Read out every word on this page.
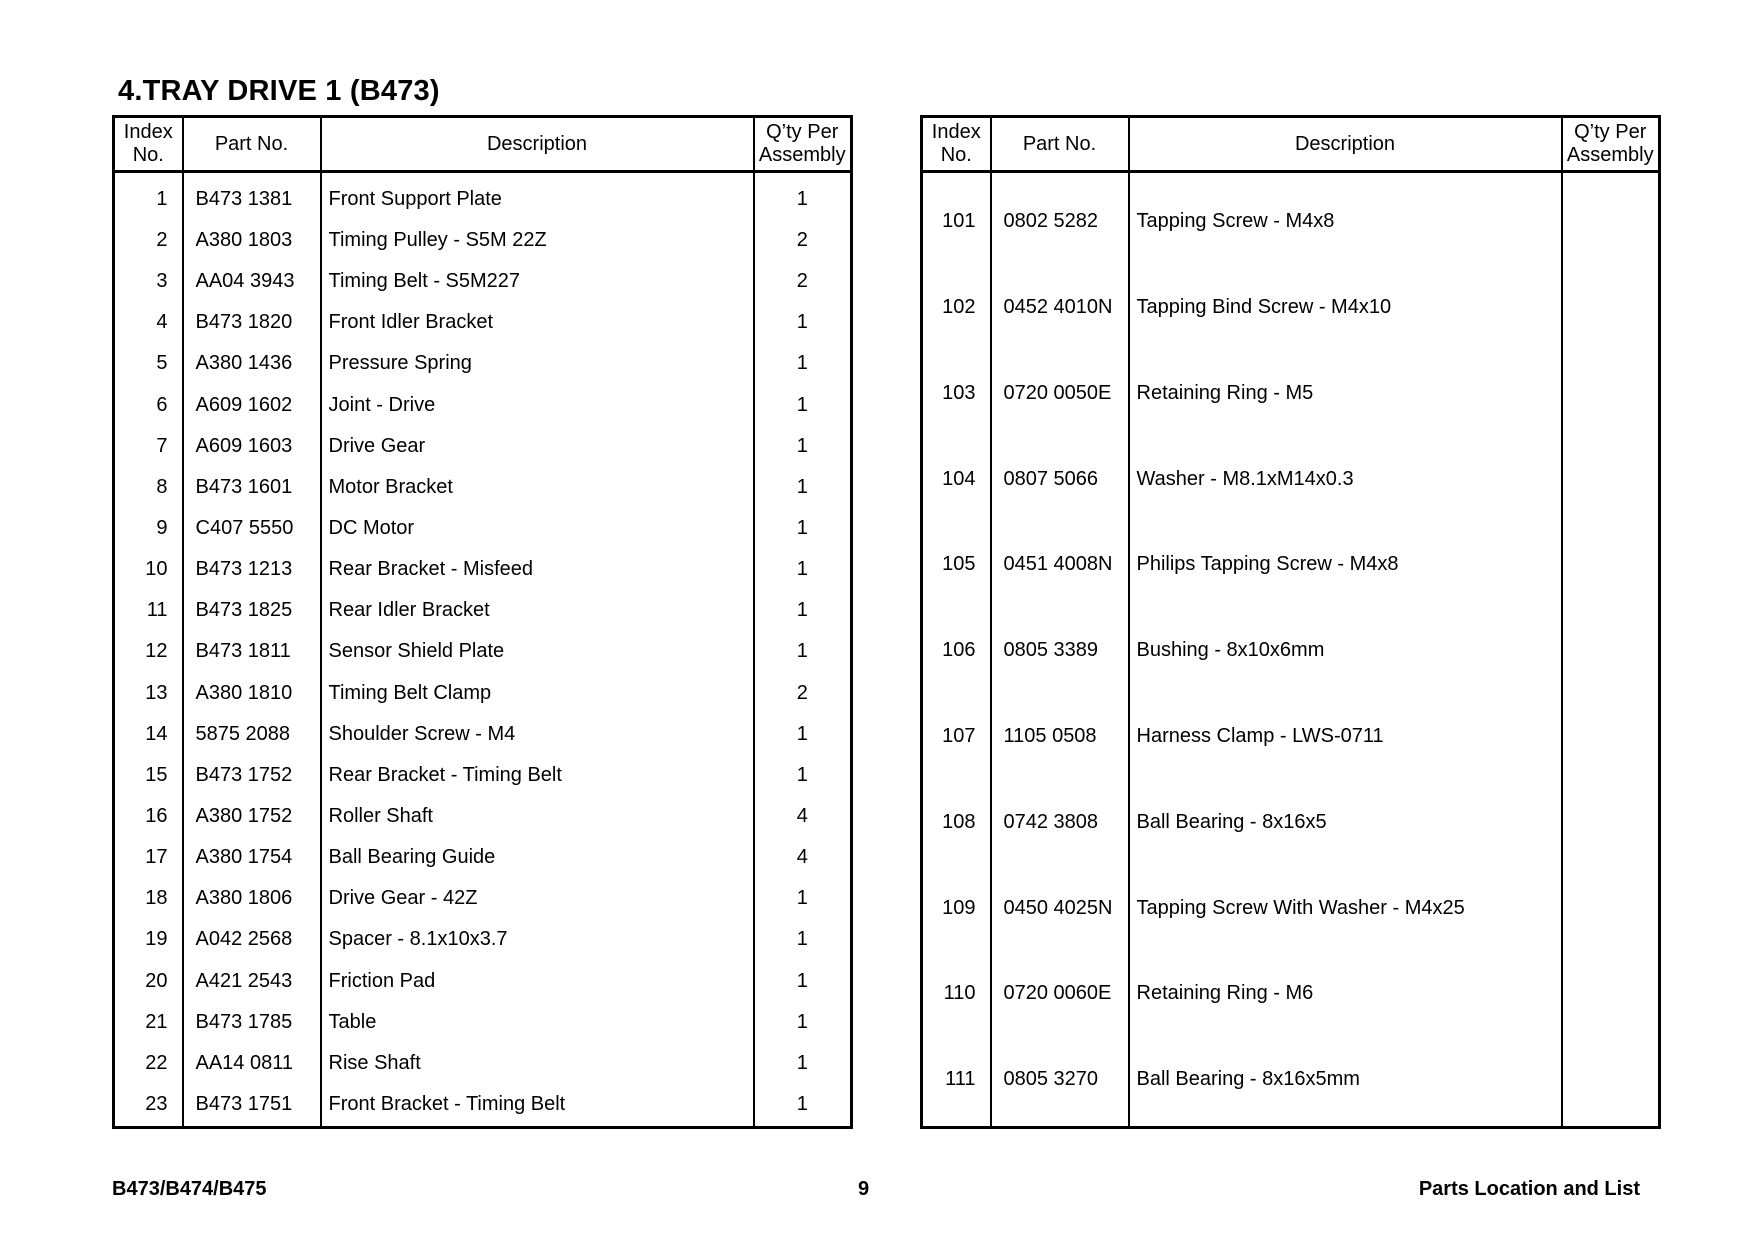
4.TRAY DRIVE 1 (B473)
Index
No.	Part No.	Description	Q’ty Per
Assembly

1	B473 1381	Front Support Plate	1
2	A380 1803	Timing Pulley - S5M 22Z	2
3	AA04 3943	Timing Belt - S5M227	2
4	B473 1820	Front Idler Bracket	1
5	A380 1436	Pressure Spring	1
6	A609 1602	Joint - Drive	1
7	A609 1603	Drive Gear	1
8	B473 1601	Motor Bracket	1
9	C407 5550	DC Motor	1
10	B473 1213	Rear Bracket - Misfeed	1
11	B473 1825	Rear Idler Bracket	1
12	B473 1811	Sensor Shield Plate	1
13	A380 1810	Timing Belt Clamp	2
14	5875 2088	Shoulder Screw - M4	1
15	B473 1752	Rear Bracket - Timing Belt	1
16	A380 1752	Roller Shaft	4
17	A380 1754	Ball Bearing Guide	4
18	A380 1806	Drive Gear - 42Z	1
19	A042 2568	Spacer - 8.1x10x3.7	1
20	A421 2543	Friction Pad	1
21	B473 1785	Table	1
22	AA14 0811	Rise Shaft	1
23	B473 1751	Front Bracket - Timing Belt	1

Index
No.	Part No.	Description	Q’ty Per
Assembly

101	0802 5282	Tapping Screw - M4x8	
102	0452 4010N	Tapping Bind Screw - M4x10	
103	0720 0050E	Retaining Ring - M5	
104	0807 5066	Washer - M8.1xM14x0.3	
105	0451 4008N	Philips Tapping Screw - M4x8	
106	0805 3389	Bushing - 8x10x6mm	
107	1105 0508	Harness Clamp - LWS-0711	
108	0742 3808	Ball Bearing - 8x16x5	
109	0450 4025N	Tapping Screw With Washer - M4x25	
110	0720 0060E	Retaining Ring - M6	
111	0805 3270	Ball Bearing - 8x16x5mm	

B473/B474/B475	9	Parts Location and List
